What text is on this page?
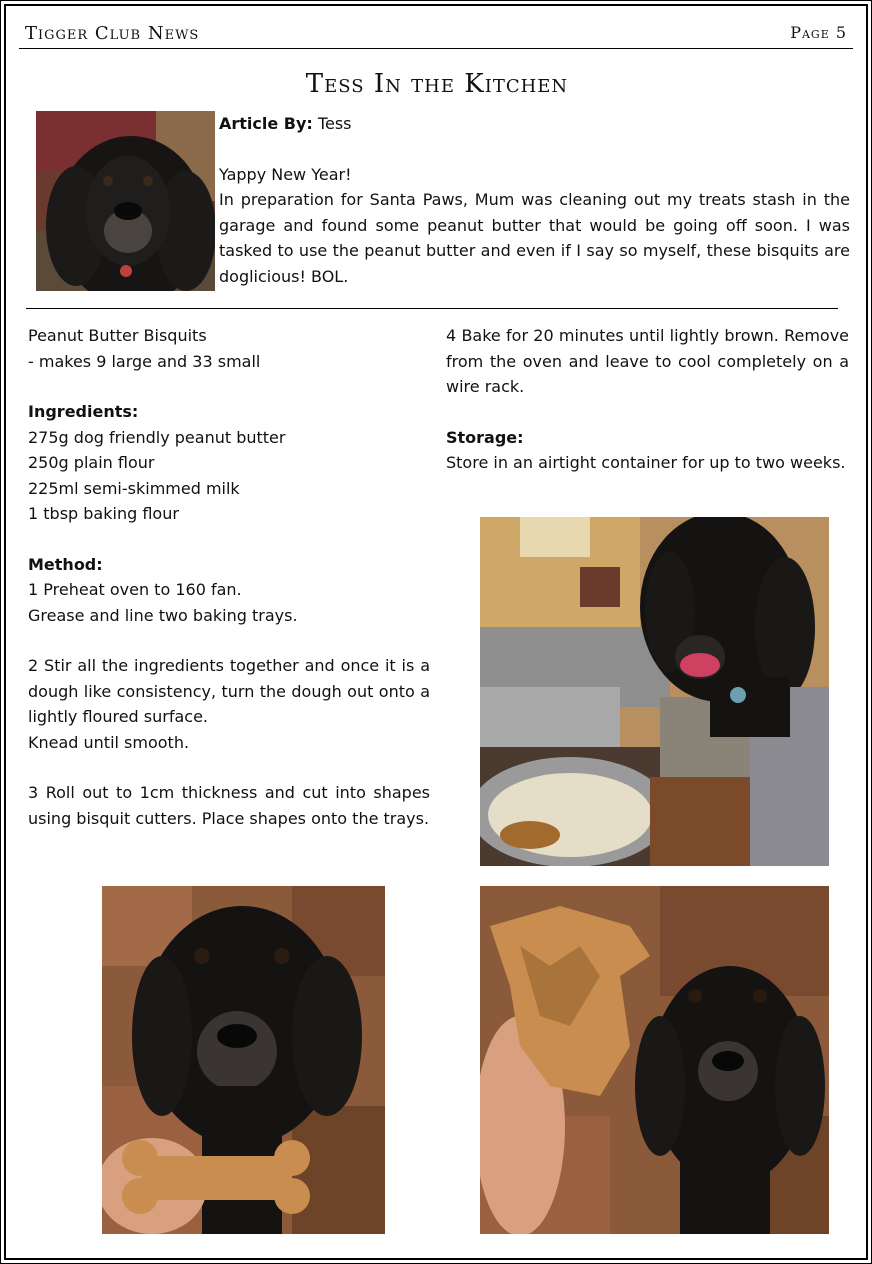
Tigger Club News	Page 5
Tess In the Kitchen

Article By: Tess

Yappy New Year!

In preparation for Santa Paws, Mum was cleaning out my treats stash in the garage and found some peanut butter that would be going off soon. I was tasked to use the peanut butter and even if I say so myself, these bisquits are doglicious! BOL.

Peanut Butter Bisquits

- makes 9 large and 33 small

Ingredients:

275g dog friendly peanut butter

250g plain flour

225ml semi-skimmed milk

1 tbsp baking flour

Method:

1 Preheat oven to 160 fan.

Grease and line two baking trays.

2 Stir all the ingredients together and once it is a dough like consistency, turn the dough out onto a lightly floured surface.

Knead until smooth.

3 Roll out to 1cm thickness and cut into shapes using bisquit cutters. Place shapes onto the trays.

4 Bake for 20 minutes until lightly brown. Remove from the oven and leave to cool completely on a wire rack.

Storage:

Store in an airtight container for up to two weeks.
